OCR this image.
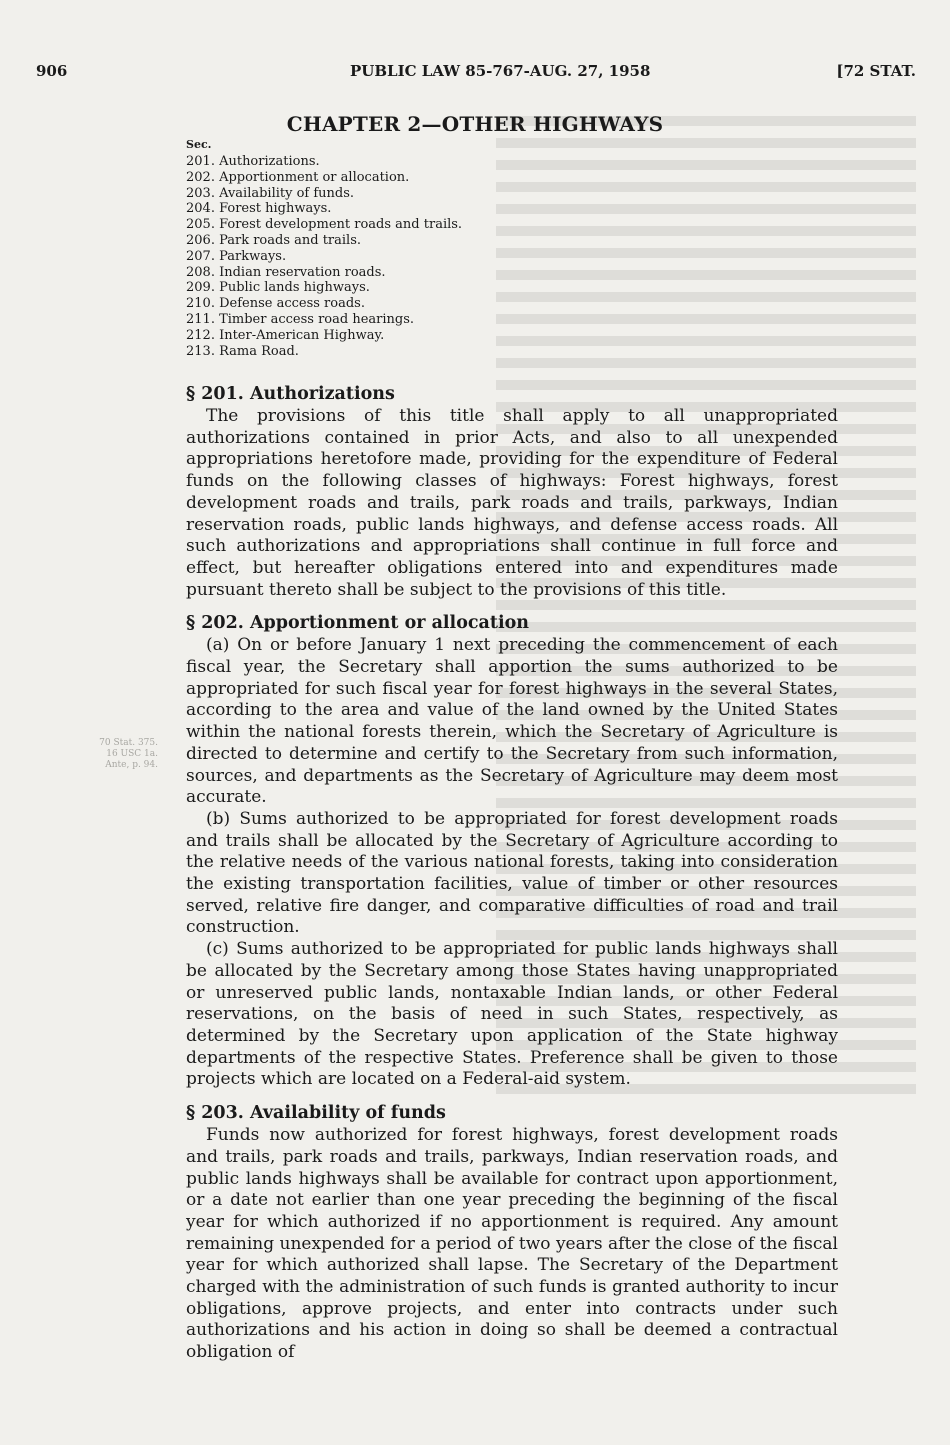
906	PUBLIC LAW 85-767-AUG. 27, 1958	[72 STAT.
CHAPTER 2—OTHER HIGHWAYS
Sec.
201. Authorizations.
202. Apportionment or allocation.
203. Availability of funds.
204. Forest highways.
205. Forest development roads and trails.
206. Park roads and trails.
207. Parkways.
208. Indian reservation roads.
209. Public lands highways.
210. Defense access roads.
211. Timber access road hearings.
212. Inter-American Highway.
213. Rama Road.
70 Stat. 375.
16 USC 1a.
Ante, p. 94.
§ 201. Authorizations

The provisions of this title shall apply to all unappropriated authorizations contained in prior Acts, and also to all unexpended appropriations heretofore made, providing for the expenditure of Federal funds on the following classes of highways: Forest highways, forest development roads and trails, park roads and trails, parkways, Indian reservation roads, public lands highways, and defense access roads. All such authorizations and appropriations shall continue in full force and effect, but hereafter obligations entered into and expenditures made pursuant thereto shall be subject to the provisions of this title.

§ 202. Apportionment or allocation

(a) On or before January 1 next preceding the commencement of each fiscal year, the Secretary shall apportion the sums authorized to be appropriated for such fiscal year for forest highways in the several States, according to the area and value of the land owned by the United States within the national forests therein, which the Secretary of Agriculture is directed to determine and certify to the Secretary from such information, sources, and departments as the Secretary of Agriculture may deem most accurate.

(b) Sums authorized to be appropriated for forest development roads and trails shall be allocated by the Secretary of Agriculture according to the relative needs of the various national forests, taking into consideration the existing transportation facilities, value of timber or other resources served, relative fire danger, and comparative difficulties of road and trail construction.

(c) Sums authorized to be appropriated for public lands highways shall be allocated by the Secretary among those States having unappropriated or unreserved public lands, nontaxable Indian lands, or other Federal reservations, on the basis of need in such States, respectively, as determined by the Secretary upon application of the State highway departments of the respective States. Preference shall be given to those projects which are located on a Federal-aid system.

§ 203. Availability of funds

Funds now authorized for forest highways, forest development roads and trails, park roads and trails, parkways, Indian reservation roads, and public lands highways shall be available for contract upon apportionment, or a date not earlier than one year preceding the beginning of the fiscal year for which authorized if no apportionment is required. Any amount remaining unexpended for a period of two years after the close of the fiscal year for which authorized shall lapse. The Secretary of the Department charged with the administration of such funds is granted authority to incur obligations, approve projects, and enter into contracts under such authorizations and his action in doing so shall be deemed a contractual obligation of
